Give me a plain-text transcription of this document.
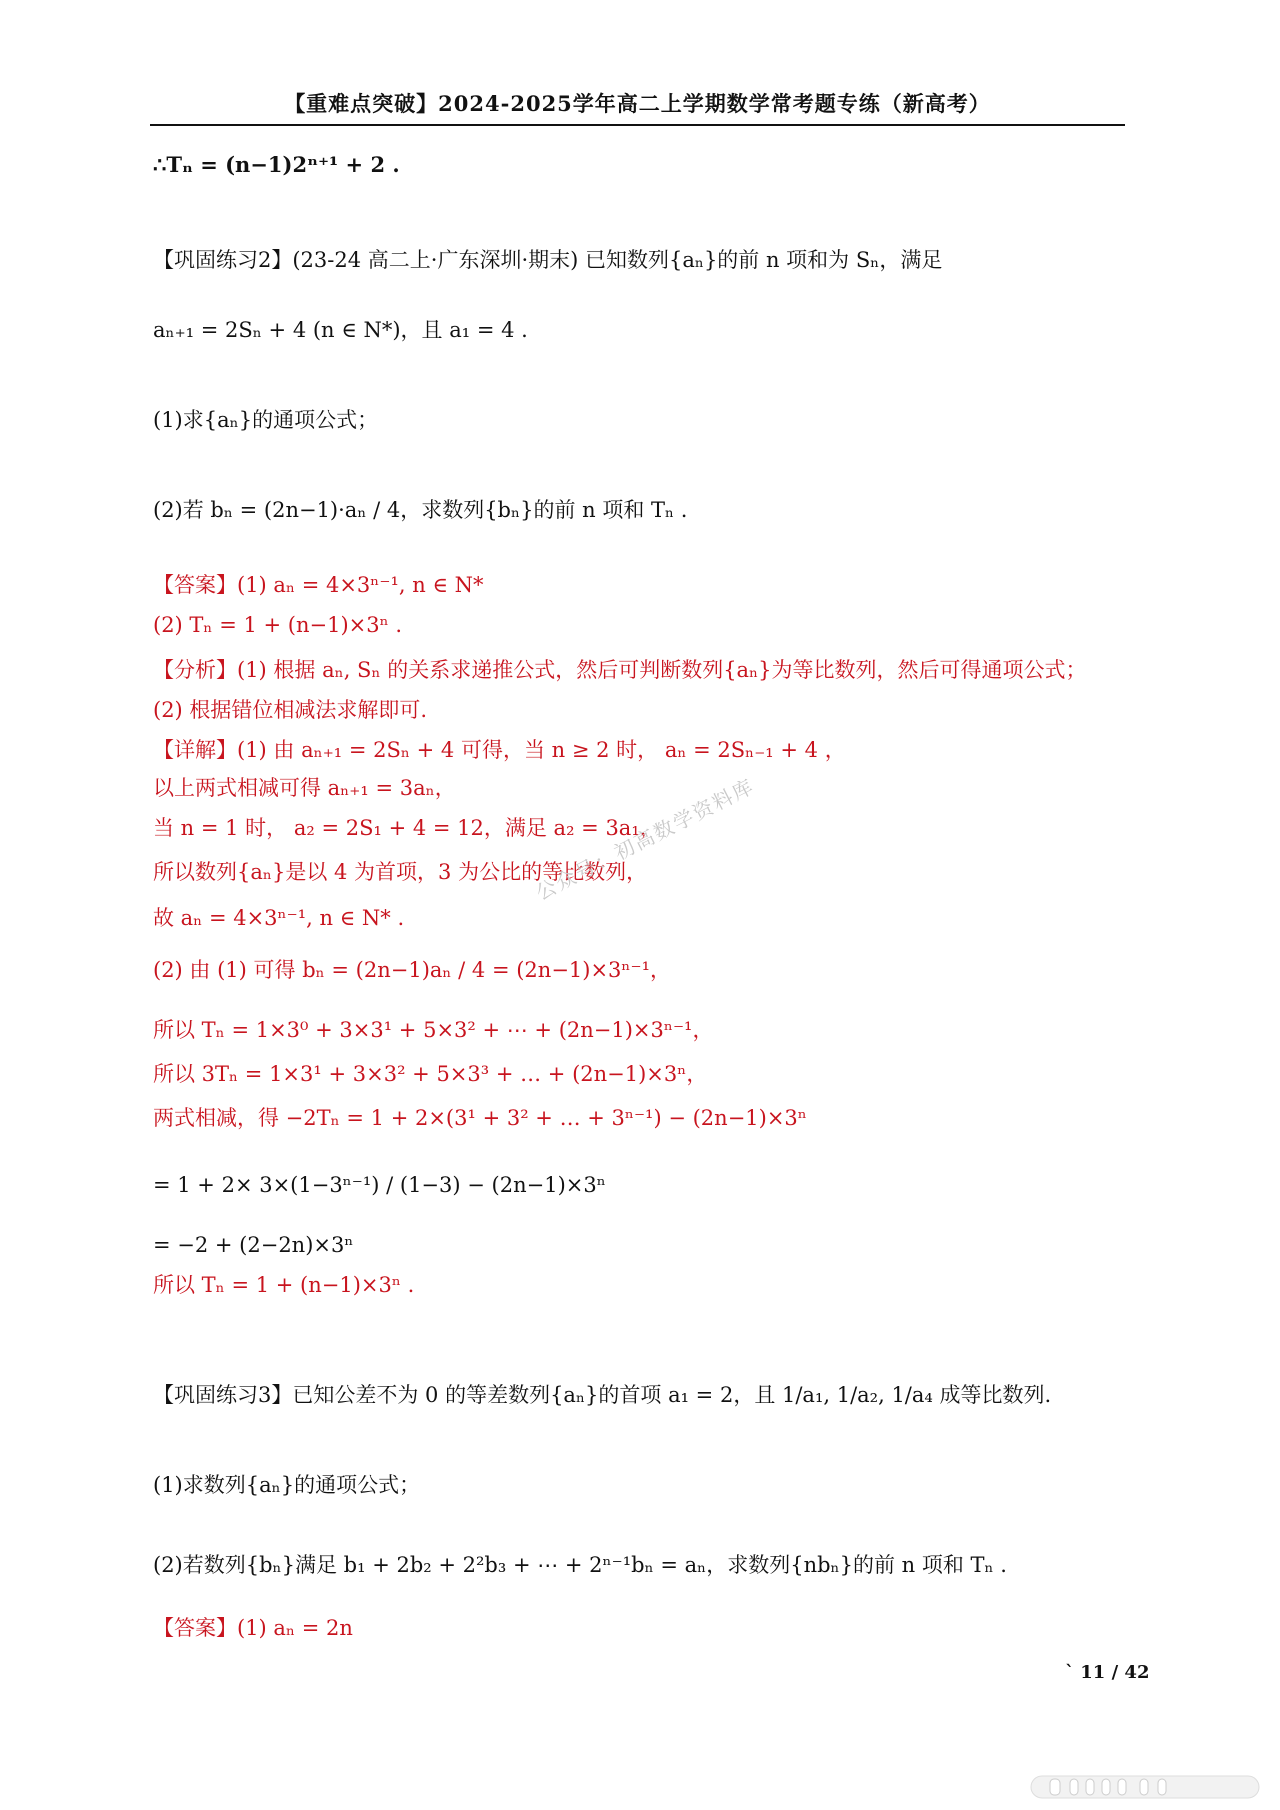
【重难点突破】2024-2025学年高二上学期数学常考题专练（新高考）
∴Tₙ = (n−1)2ⁿ⁺¹ + 2 .
【巩固练习2】(23-24 高二上·广东深圳·期末) 已知数列{aₙ}的前 n 项和为 Sₙ，满足
aₙ₊₁ = 2Sₙ + 4 (n ∈ N*)，且 a₁ = 4 .
(1)求{aₙ}的通项公式；
(2)若 bₙ = (2n−1)·aₙ / 4，求数列{bₙ}的前 n 项和 Tₙ .
【答案】(1) aₙ = 4×3ⁿ⁻¹, n ∈ N*
(2) Tₙ = 1 + (n−1)×3ⁿ .
【分析】(1) 根据 aₙ, Sₙ 的关系求递推公式，然后可判断数列{aₙ}为等比数列，然后可得通项公式；
(2) 根据错位相减法求解即可.
【详解】(1) 由 aₙ₊₁ = 2Sₙ + 4 可得，当 n ≥ 2 时， aₙ = 2Sₙ₋₁ + 4 ，
以上两式相减可得 aₙ₊₁ = 3aₙ，
当 n = 1 时， a₂ = 2S₁ + 4 = 12，满足 a₂ = 3a₁，
所以数列{aₙ}是以 4 为首项，3 为公比的等比数列，
故 aₙ = 4×3ⁿ⁻¹, n ∈ N* .
(2) 由 (1) 可得 bₙ = (2n−1)aₙ / 4 = (2n−1)×3ⁿ⁻¹，
所以 Tₙ = 1×3⁰ + 3×3¹ + 5×3² + ⋯ + (2n−1)×3ⁿ⁻¹，
所以 3Tₙ = 1×3¹ + 3×3² + 5×3³ + … + (2n−1)×3ⁿ，
两式相减，得 −2Tₙ = 1 + 2×(3¹ + 3² + … + 3ⁿ⁻¹) − (2n−1)×3ⁿ
= 1 + 2× 3×(1−3ⁿ⁻¹) / (1−3) − (2n−1)×3ⁿ
= −2 + (2−2n)×3ⁿ
所以 Tₙ = 1 + (n−1)×3ⁿ .
【巩固练习3】已知公差不为 0 的等差数列{aₙ}的首项 a₁ = 2，且 1/a₁, 1/a₂, 1/a₄ 成等比数列.
(1)求数列{aₙ}的通项公式；
(2)若数列{bₙ}满足 b₁ + 2b₂ + 2²b₃ + ⋯ + 2ⁿ⁻¹bₙ = aₙ，求数列{nbₙ}的前 n 项和 Tₙ .
【答案】(1) aₙ = 2n
` 11 / 42
公众号：初高数学资料库
